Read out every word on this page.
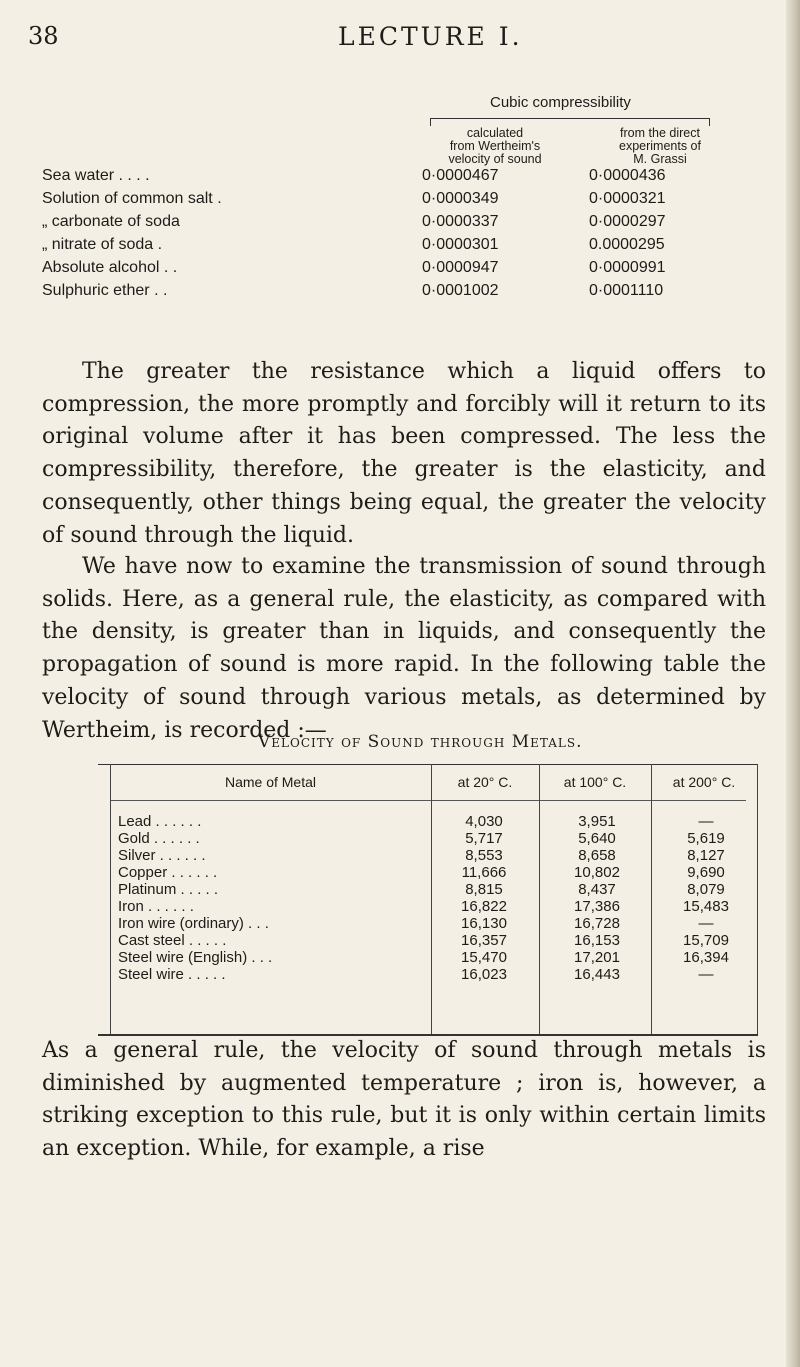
38	LECTURE I.
Cubic compressibility
calculated
from Wertheim's
velocity of sound
from the direct
experiments of
M. Grassi
Sea water . . . .	0·0000467	0·0000436
Solution of common salt .	0·0000349	0·0000321
„ carbonate of soda	0·0000337	0·0000297
„ nitrate of soda .	0·0000301	0.0000295
Absolute alcohol . .	0·0000947	0·0000991
Sulphuric ether . .	0·0001002	0·0001110

The greater the resistance which a liquid offers to compression, the more promptly and forcibly will it return to its original volume after it has been compressed. The less the compressibility, therefore, the greater is the elasticity, and consequently, other things being equal, the greater the velocity of sound through the liquid.

We have now to examine the transmission of sound through solids. Here, as a general rule, the elasticity, as compared with the density, is greater than in liquids, and consequently the propagation of sound is more rapid. In the following table the velocity of sound through various metals, as determined by Wertheim, is recorded :—

Velocity of Sound through Metals.
Name of Metal	at 20° C.	at 100° C.	at 200° C.
Lead . . . . . .	4,030	3,951	—
Gold . . . . . .	5,717	5,640	5,619
Silver . . . . . .	8,553	8,658	8,127
Copper . . . . . .	11,666	10,802	9,690
Platinum . . . . .	8,815	8,437	8,079
Iron . . . . . .	16,822	17,386	15,483
Iron wire (ordinary) . . .	16,130	16,728	—
Cast steel . . . . .	16,357	16,153	15,709
Steel wire (English) . . .	15,470	17,201	16,394
Steel wire . . . . .	16,023	16,443	—

As a general rule, the velocity of sound through metals is diminished by augmented temperature ; iron is, however, a striking exception to this rule, but it is only within certain limits an exception. While, for example, a rise
